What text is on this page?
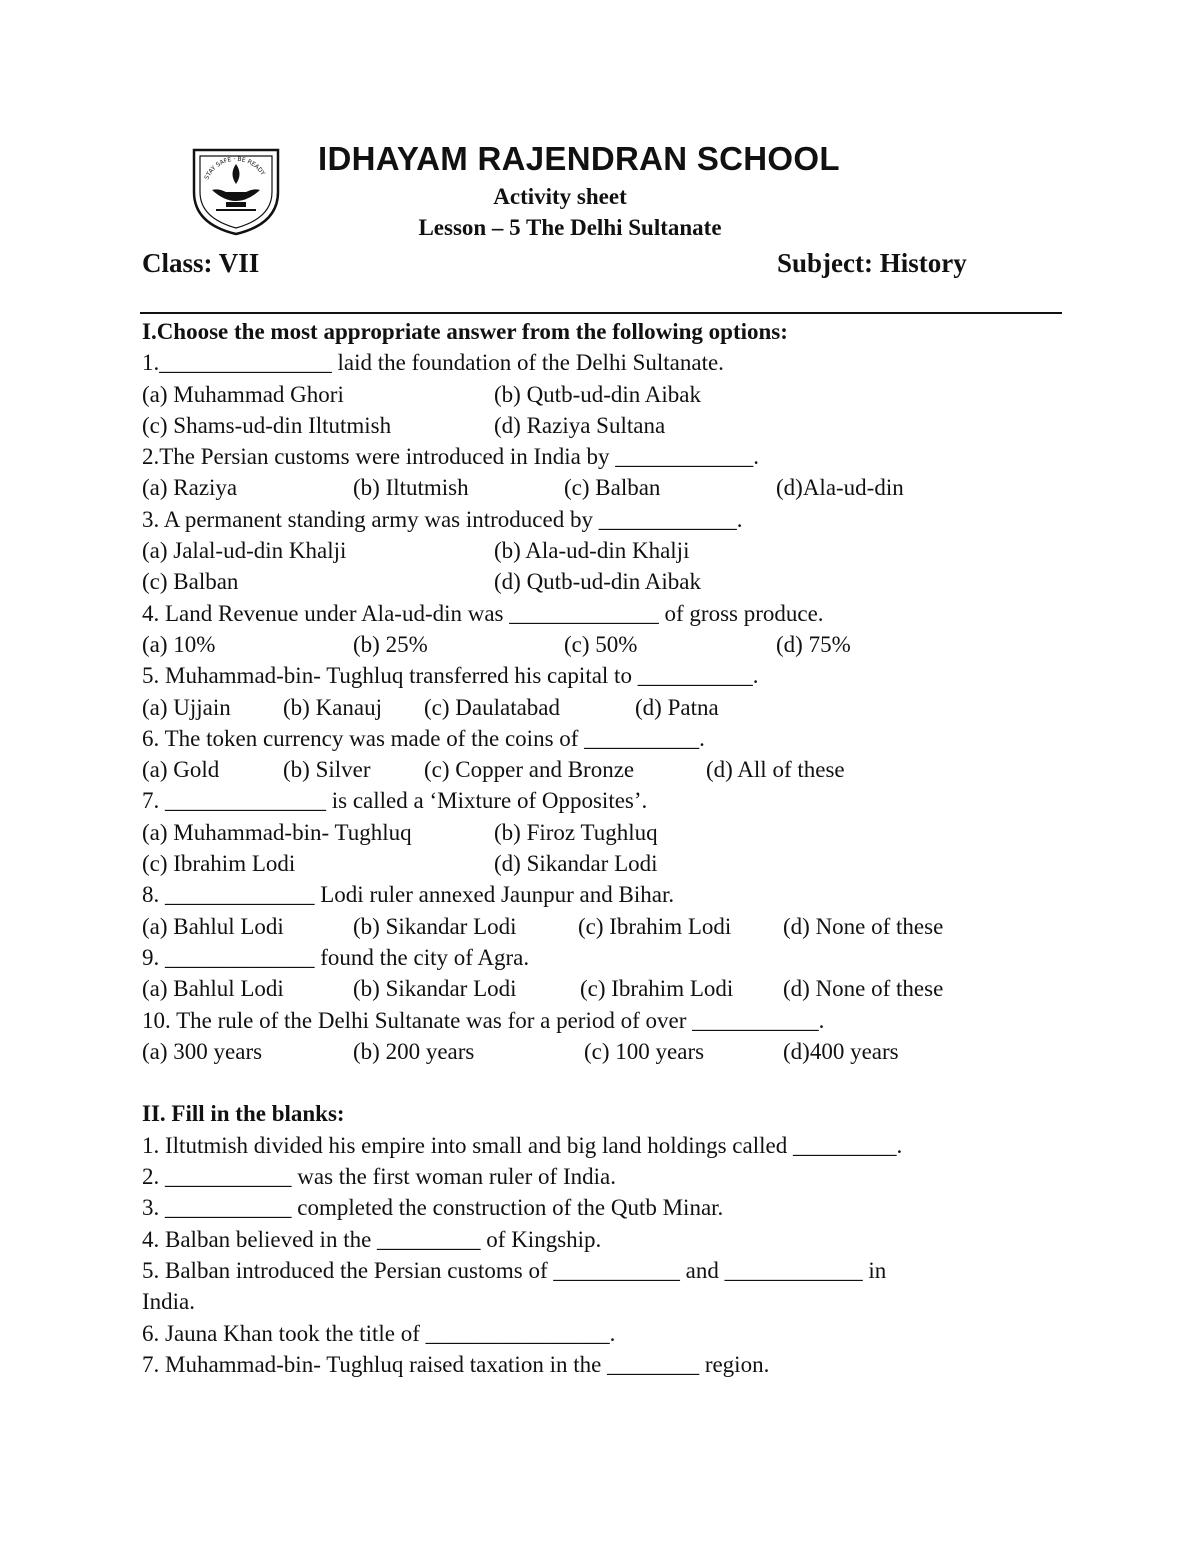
STAY SAFE · BE READY IDHAYAM RAJENDRAN SCHOOL
Activity sheet
Lesson – 5 The Delhi Sultanate
Class: VII	Subject: History
I.Choose the most appropriate answer from the following options:
1._______________ laid the foundation of the Delhi Sultanate.
(a) Muhammad Ghori	(b) Qutb-ud-din Aibak
(c) Shams-ud-din Iltutmish	(d) Raziya Sultana
2.The Persian customs were introduced in India by ____________.
(a) Raziya	(b) Iltutmish	(c) Balban	(d)Ala-ud-din
3. A permanent standing army was introduced by ____________.
(a) Jalal-ud-din Khalji	(b) Ala-ud-din Khalji
(c) Balban	(d) Qutb-ud-din Aibak
4. Land Revenue under Ala-ud-din was _____________ of gross produce.
(a) 10%	(b) 25%	(c) 50%	(d) 75%
5. Muhammad-bin- Tughluq transferred his capital to __________.
(a) Ujjain (b) Kanauj (c) Daulatabad	(d) Patna
6. The token currency was made of the coins of __________.
(a) Gold	(b) Silver (c) Copper and Bronze	(d) All of these
7. ______________ is called a ‘Mixture of Opposites’.
(a) Muhammad-bin- Tughluq	(b) Firoz Tughluq
(c) Ibrahim Lodi	(d) Sikandar Lodi
8. _____________ Lodi ruler annexed Jaunpur and Bihar.
(a) Bahlul Lodi	(b) Sikandar Lodi	(c) Ibrahim Lodi (d) None of these
9. _____________ found the city of Agra.
(a) Bahlul Lodi	(b) Sikandar Lodi	(c) Ibrahim Lodi (d) None of these
10. The rule of the Delhi Sultanate was for a period of over ___________.
(a) 300 years	(b) 200 years	(c) 100 years	(d)400 years
II. Fill in the blanks:
1. Iltutmish divided his empire into small and big land holdings called _________.
2. ___________ was the first woman ruler of India.
3. ___________ completed the construction of the Qutb Minar.
4. Balban believed in the _________ of Kingship.
5. Balban introduced the Persian customs of ___________ and ____________ in
India.
6. Jauna Khan took the title of ________________.
7. Muhammad-bin- Tughluq raised taxation in the ________ region.
